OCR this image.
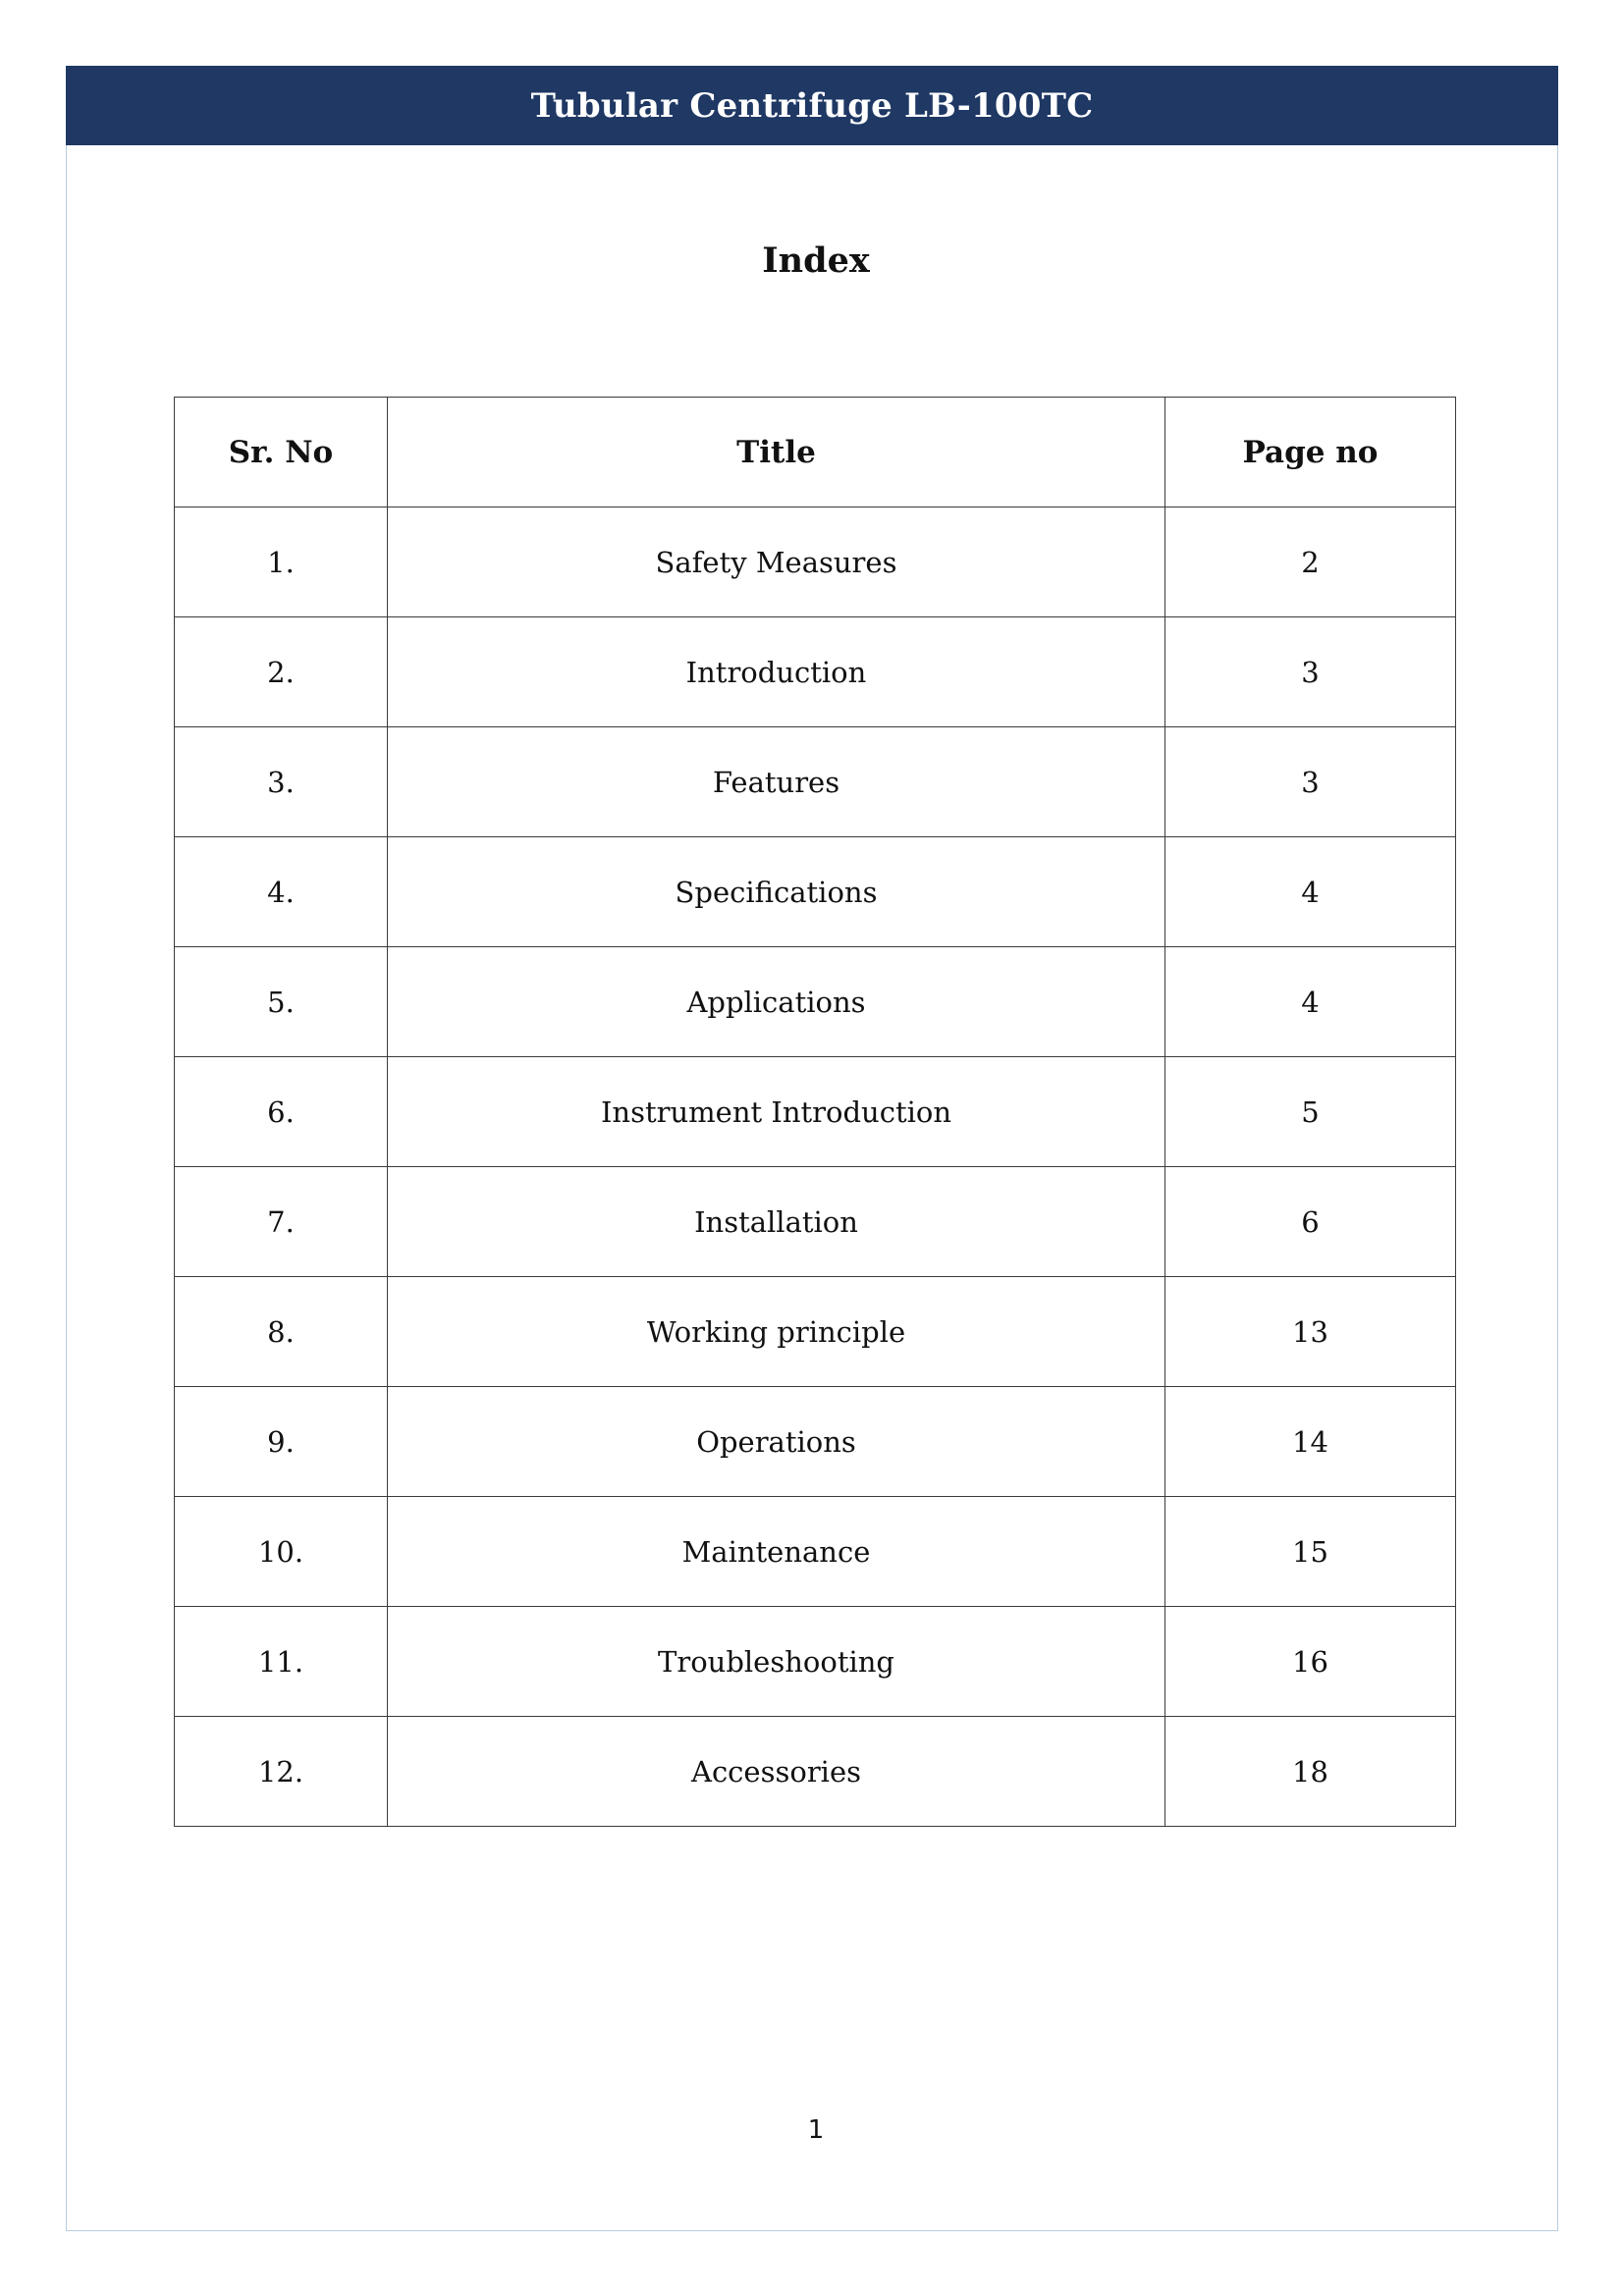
Tubular Centrifuge LB-100TC
Index
Sr. No	Title	Page no
1.	Safety Measures	2
2.	Introduction	3
3.	Features	3
4.	Specifications	4
5.	Applications	4
6.	Instrument Introduction	5
7.	Installation	6
8.	Working principle	13
9.	Operations	14
10.	Maintenance	15
11.	Troubleshooting	16
12.	Accessories	18
1
